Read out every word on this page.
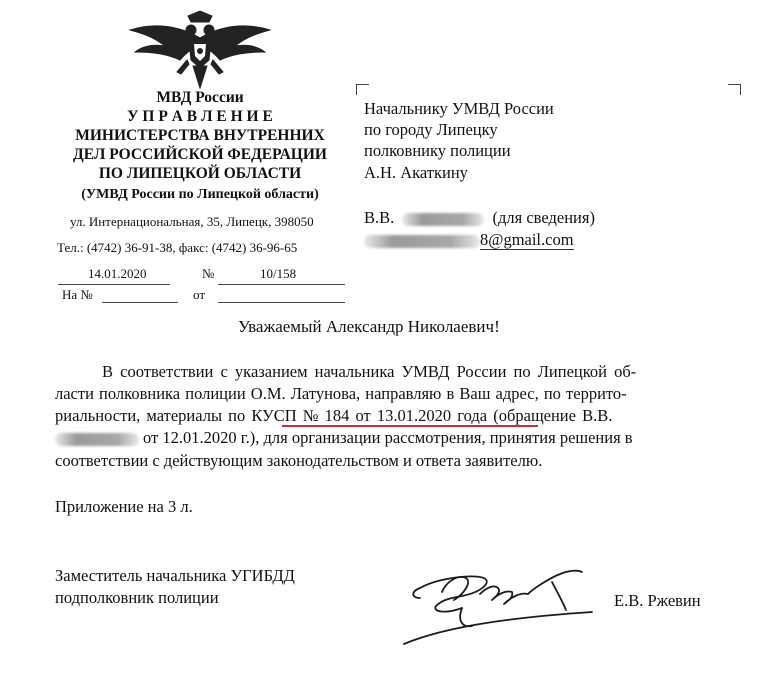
МВД России
У П Р А В Л Е Н И Е
МИНИСТЕРСТВА ВНУТРЕННИХ
ДЕЛ РОССИЙСКОЙ ФЕДЕРАЦИИ
ПО ЛИПЕЦКОЙ ОБЛАСТИ
(УМВД России по Липецкой области)
ул. Интернациональная, 35, Липецк, 398050
Тел.: (4742) 36-91-38, факс: (4742) 36-96-65
14.01.2020	№	10/158
На №	от
Начальнику УМВД России
по городу Липецку
полковнику полиции
А.Н. Акаткину
В.В.	(для сведения)
8@gmail.com
Уважаемый Александр Николаевич!
В соответствии с указанием начальника УМВД России по Липецкой об-
ласти полковника полиции О.М. Латунова, направляю в Ваш адрес, по террито-
риальности, материалы по КУСП № 184 от 13.01.2020 года (обращение В.В.
от 12.01.2020 г.), для организации рассмотрения, принятия решения в
соответствии с действующим законодательством и ответа заявителю.
Приложение на 3 л.
Заместитель начальника УГИБДД
подполковник полиции	Е.В. Ржевин
